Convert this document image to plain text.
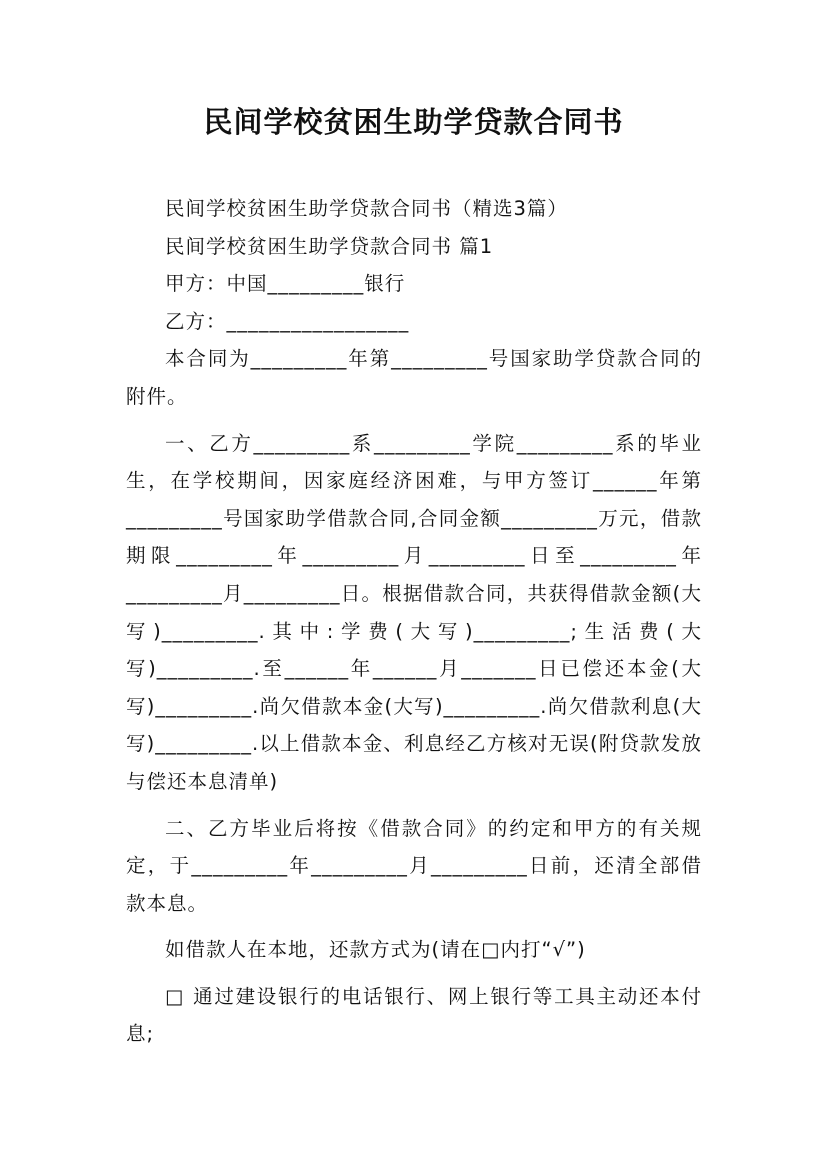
民间学校贫困生助学贷款合同书

民间学校贫困生助学贷款合同书（精选3篇）

民间学校贫困生助学贷款合同书 篇1

甲方：中国_________银行

乙方：_________________

本合同为_________年第_________号国家助学贷款合同的附件。

一、乙方_________系_________学院_________系的毕业生，在学校期间，因家庭经济困难，与甲方签订______年第_________号国家助学借款合同,合同金额_________万元，借款期限_________年_________月_________日至_________年_________月_________日。根据借款合同，共获得借款金额(大写)_________.其中:学费(大写)_________;生活费(大写)_________.至______年______月_______日已偿还本金(大写)_________.尚欠借款本金(大写)_________.尚欠借款利息(大写)_________.以上借款本金、利息经乙方核对无误(附贷款发放与偿还本息清单)

二、乙方毕业后将按《借款合同》的约定和甲方的有关规定，于_________年_________月_________日前，还清全部借款本息。

如借款人在本地，还款方式为(请在□内打“√”)

□ 通过建设银行的电话银行、网上银行等工具主动还本付息;
